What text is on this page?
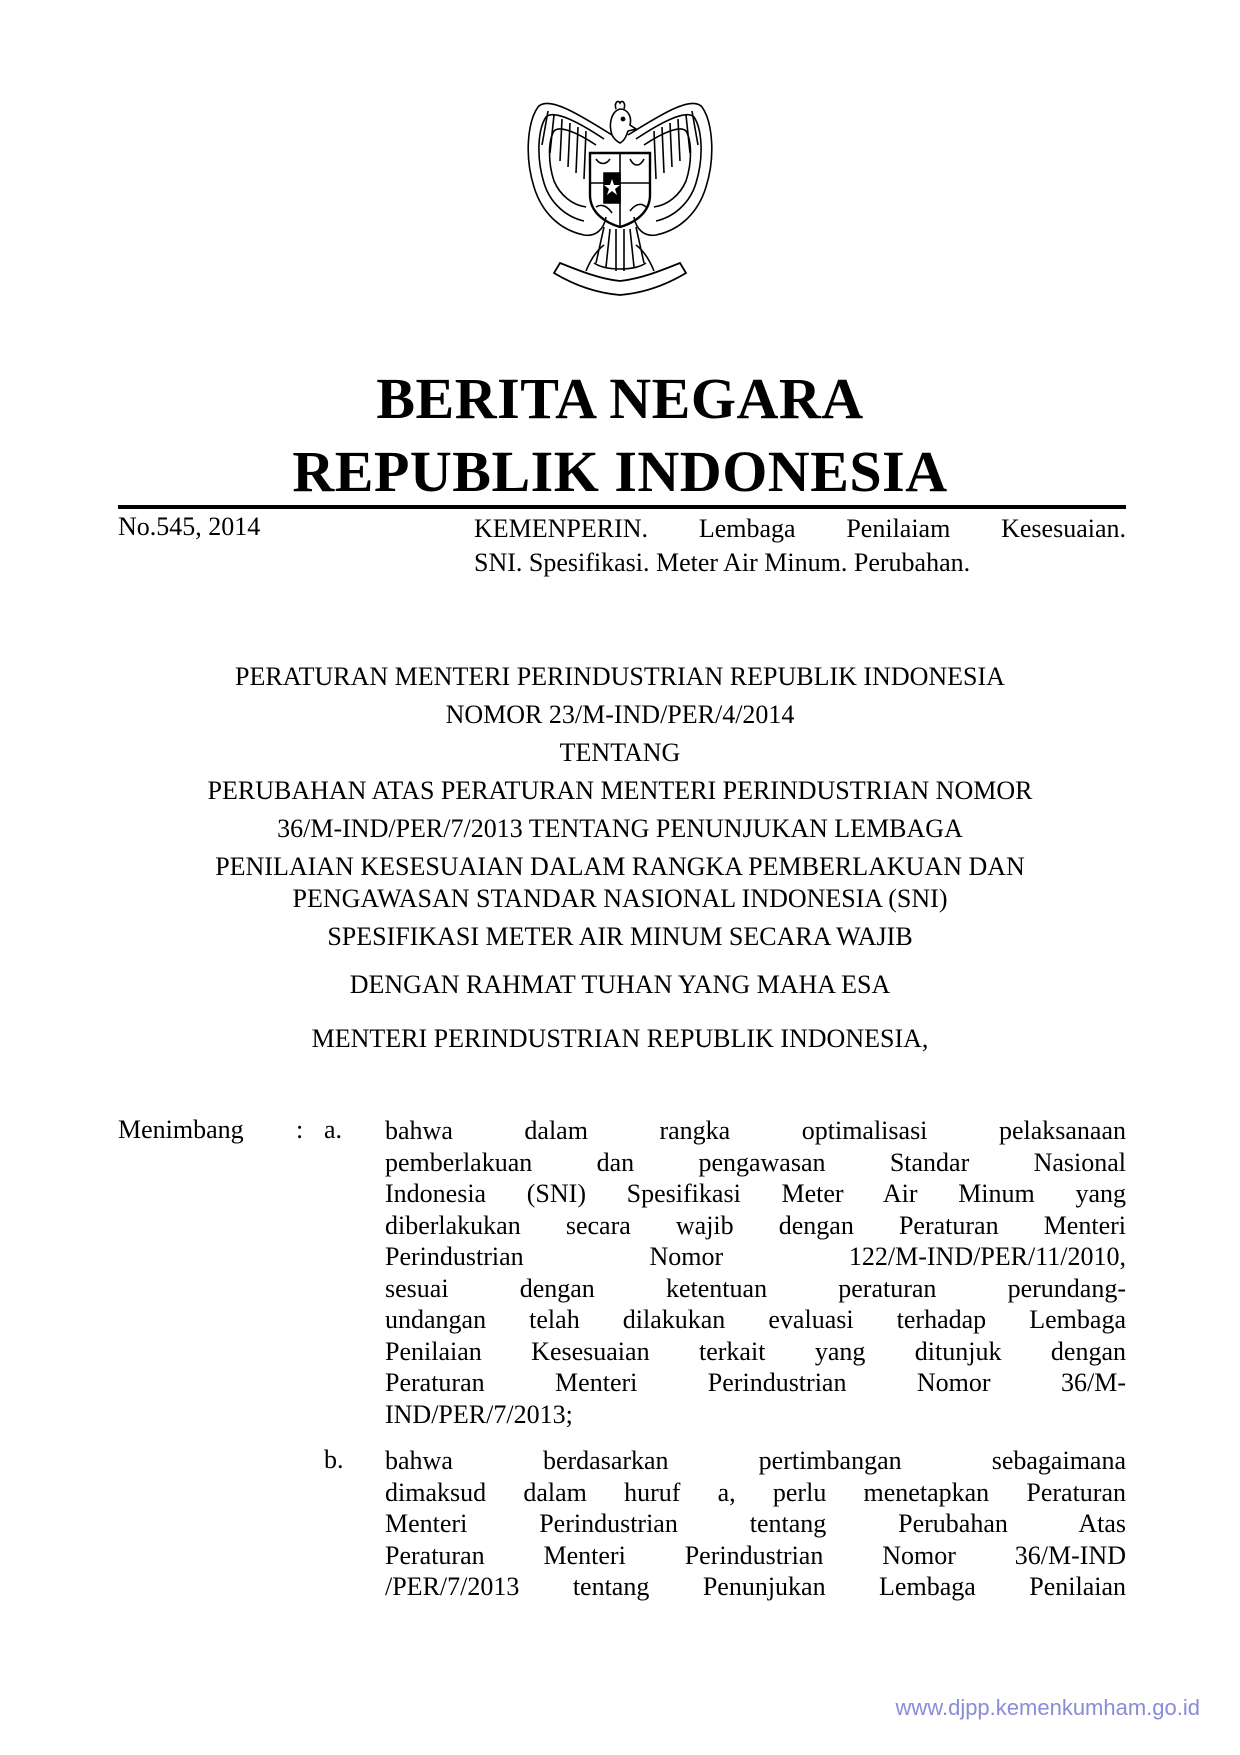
BERITA NEGARA
REPUBLIK INDONESIA
No.545, 2014	KEMENPERIN. Lembaga Penilaiam Kesesuaian.
SNI. Spesifikasi. Meter Air Minum. Perubahan.
PERATURAN MENTERI PERINDUSTRIAN REPUBLIK INDONESIA
NOMOR 23/M-IND/PER/4/2014
TENTANG
PERUBAHAN ATAS PERATURAN MENTERI PERINDUSTRIAN NOMOR
36/M-IND/PER/7/2013 TENTANG PENUNJUKAN LEMBAGA
PENILAIAN KESESUAIAN DALAM RANGKA PEMBERLAKUAN DAN
PENGAWASAN STANDAR NASIONAL INDONESIA (SNI)
SPESIFIKASI METER AIR MINUM SECARA WAJIB
DENGAN RAHMAT TUHAN YANG MAHA ESA
MENTERI PERINDUSTRIAN REPUBLIK INDONESIA,
Menimbang : a. bahwa dalam rangka optimalisasi pelaksanaan
pemberlakuan dan pengawasan Standar Nasional
Indonesia (SNI) Spesifikasi Meter Air Minum yang
diberlakukan secara wajib dengan Peraturan Menteri
Perindustrian Nomor 122/M-IND/PER/11/2010,
sesuai dengan ketentuan peraturan perundang-
undangan telah dilakukan evaluasi terhadap Lembaga
Penilaian Kesesuaian terkait yang ditunjuk dengan
Peraturan Menteri Perindustrian Nomor 36/M-
IND/PER/7/2013;
b. bahwa berdasarkan pertimbangan sebagaimana
dimaksud dalam huruf a, perlu menetapkan Peraturan
Menteri Perindustrian tentang Perubahan Atas
Peraturan Menteri Perindustrian Nomor 36/M-IND
/PER/7/2013 tentang Penunjukan Lembaga Penilaian
www.djpp.kemenkumham.go.id
